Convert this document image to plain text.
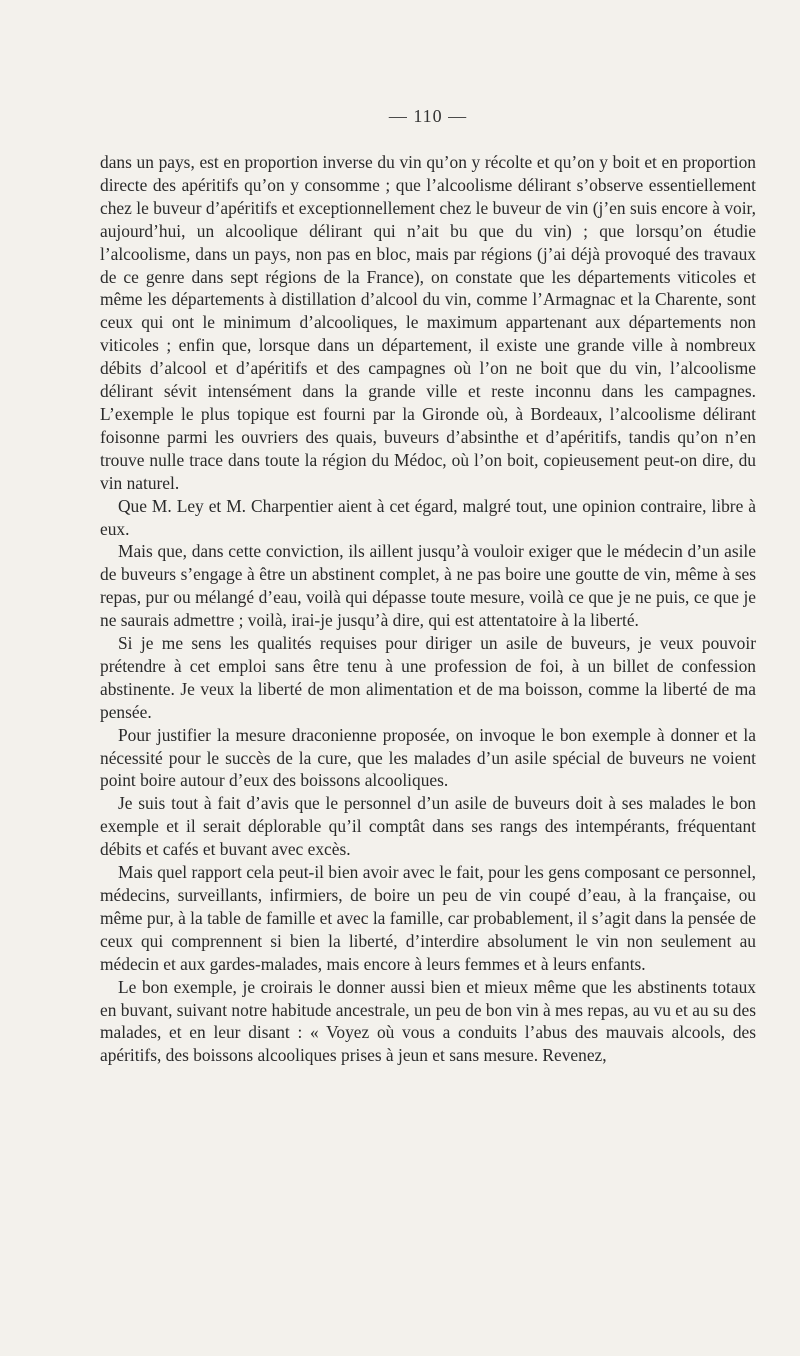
— 110 —

dans un pays, est en proportion inverse du vin qu’on y récolte et qu’on y boit et en proportion directe des apéritifs qu’on y consomme ; que l’alcoolisme délirant s’observe essentiellement chez le buveur d’apéritifs et exceptionnellement chez le buveur de vin (j’en suis encore à voir, aujourd’hui, un alcoolique délirant qui n’ait bu que du vin) ; que lorsqu’on étudie l’alcoolisme, dans un pays, non pas en bloc, mais par régions (j’ai déjà provoqué des travaux de ce genre dans sept régions de la France), on constate que les départements viticoles et même les départements à distillation d’alcool du vin, comme l’Armagnac et la Charente, sont ceux qui ont le minimum d’alcooliques, le maximum appartenant aux départements non viticoles ; enfin que, lorsque dans un département, il existe une grande ville à nombreux débits d’alcool et d’apéritifs et des campagnes où l’on ne boit que du vin, l’alcoolisme délirant sévit intensément dans la grande ville et reste inconnu dans les campagnes. L’exemple le plus topique est fourni par la Gironde où, à Bordeaux, l’alcoolisme délirant foisonne parmi les ouvriers des quais, buveurs d’absinthe et d’apéritifs, tandis qu’on n’en trouve nulle trace dans toute la région du Médoc, où l’on boit, copieusement peut-on dire, du vin naturel.

Que M. Ley et M. Charpentier aient à cet égard, malgré tout, une opinion contraire, libre à eux.

Mais que, dans cette conviction, ils aillent jusqu’à vouloir exiger que le médecin d’un asile de buveurs s’engage à être un abstinent complet, à ne pas boire une goutte de vin, même à ses repas, pur ou mélangé d’eau, voilà qui dépasse toute mesure, voilà ce que je ne puis, ce que je ne saurais admettre ; voilà, irai-je jusqu’à dire, qui est attentatoire à la liberté.

Si je me sens les qualités requises pour diriger un asile de buveurs, je veux pouvoir prétendre à cet emploi sans être tenu à une profession de foi, à un billet de confession abstinente. Je veux la liberté de mon alimentation et de ma boisson, comme la liberté de ma pensée.

Pour justifier la mesure draconienne proposée, on invoque le bon exemple à donner et la nécessité pour le succès de la cure, que les malades d’un asile spécial de buveurs ne voient point boire autour d’eux des boissons alcooliques.

Je suis tout à fait d’avis que le personnel d’un asile de buveurs doit à ses malades le bon exemple et il serait déplorable qu’il comptât dans ses rangs des intempérants, fréquentant débits et cafés et buvant avec excès.

Mais quel rapport cela peut-il bien avoir avec le fait, pour les gens composant ce personnel, médecins, surveillants, infirmiers, de boire un peu de vin coupé d’eau, à la française, ou même pur, à la table de famille et avec la famille, car probablement, il s’agit dans la pensée de ceux qui comprennent si bien la liberté, d’interdire absolument le vin non seulement au médecin et aux gardes-malades, mais encore à leurs femmes et à leurs enfants.

Le bon exemple, je croirais le donner aussi bien et mieux même que les abstinents totaux en buvant, suivant notre habitude ancestrale, un peu de bon vin à mes repas, au vu et au su des malades, et en leur disant : « Voyez où vous a conduits l’abus des mauvais alcools, des apéritifs, des boissons alcooliques prises à jeun et sans mesure. Revenez,
